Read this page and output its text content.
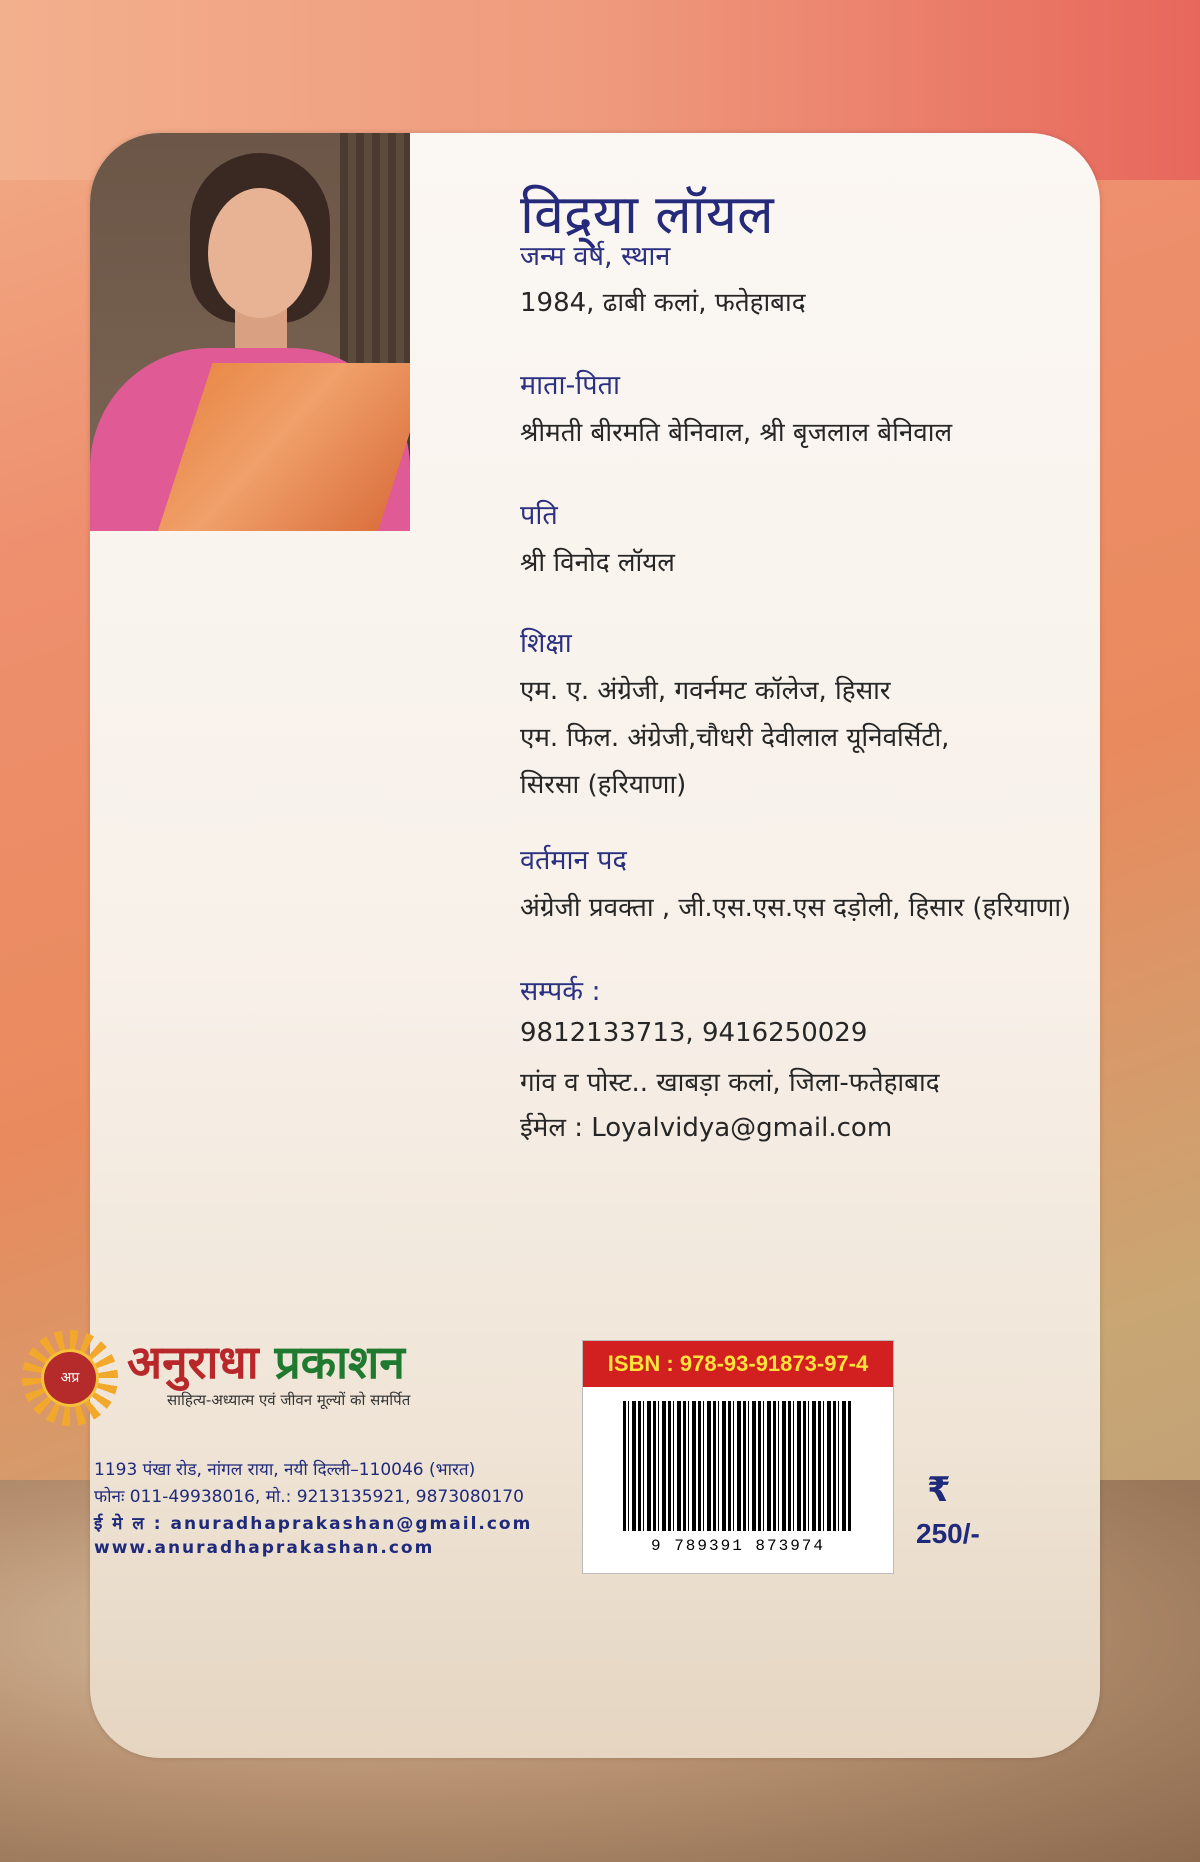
विद्र्या लॉयल
जन्म वर्ष, स्थान
1984, ढाबी कलां, फतेहाबाद
माता-पिता
श्रीमती बीरमति बेनिवाल, श्री बृजलाल बेनिवाल
पति
श्री विनोद लॉयल
शिक्षा
एम. ए. अंग्रेजी, गवर्नमट कॉलेज, हिसार
एम. फिल. अंग्रेजी,चौधरी देवीलाल यूनिवर्सिटी,
सिरसा (हरियाणा)
वर्तमान पद
अंग्रेजी प्रवक्ता , जी.एस.एस.एस दड़ोली, हिसार (हरियाणा)
सम्पर्क :
9812133713, 9416250029
गांव व पोस्ट.. खाबड़ा कलां, जिला-फतेहाबाद
ईमेल : Loyalvidya@gmail.com
अप्र	अनुराधा प्रकाशन
साहित्य-अध्यात्म एवं जीवन मूल्यों को समर्पित
1193 पंखा रोड, नांगल राया, नयी दिल्ली–110046 (भारत)
फोनः 011-49938016, मो.: 9213135921, 9873080170
ई मे ल : anuradhaprakashan@gmail.com
www.anuradhaprakashan.com
ISBN : 978-93-91873-97-4
9 789391 873974
₹
250/-
